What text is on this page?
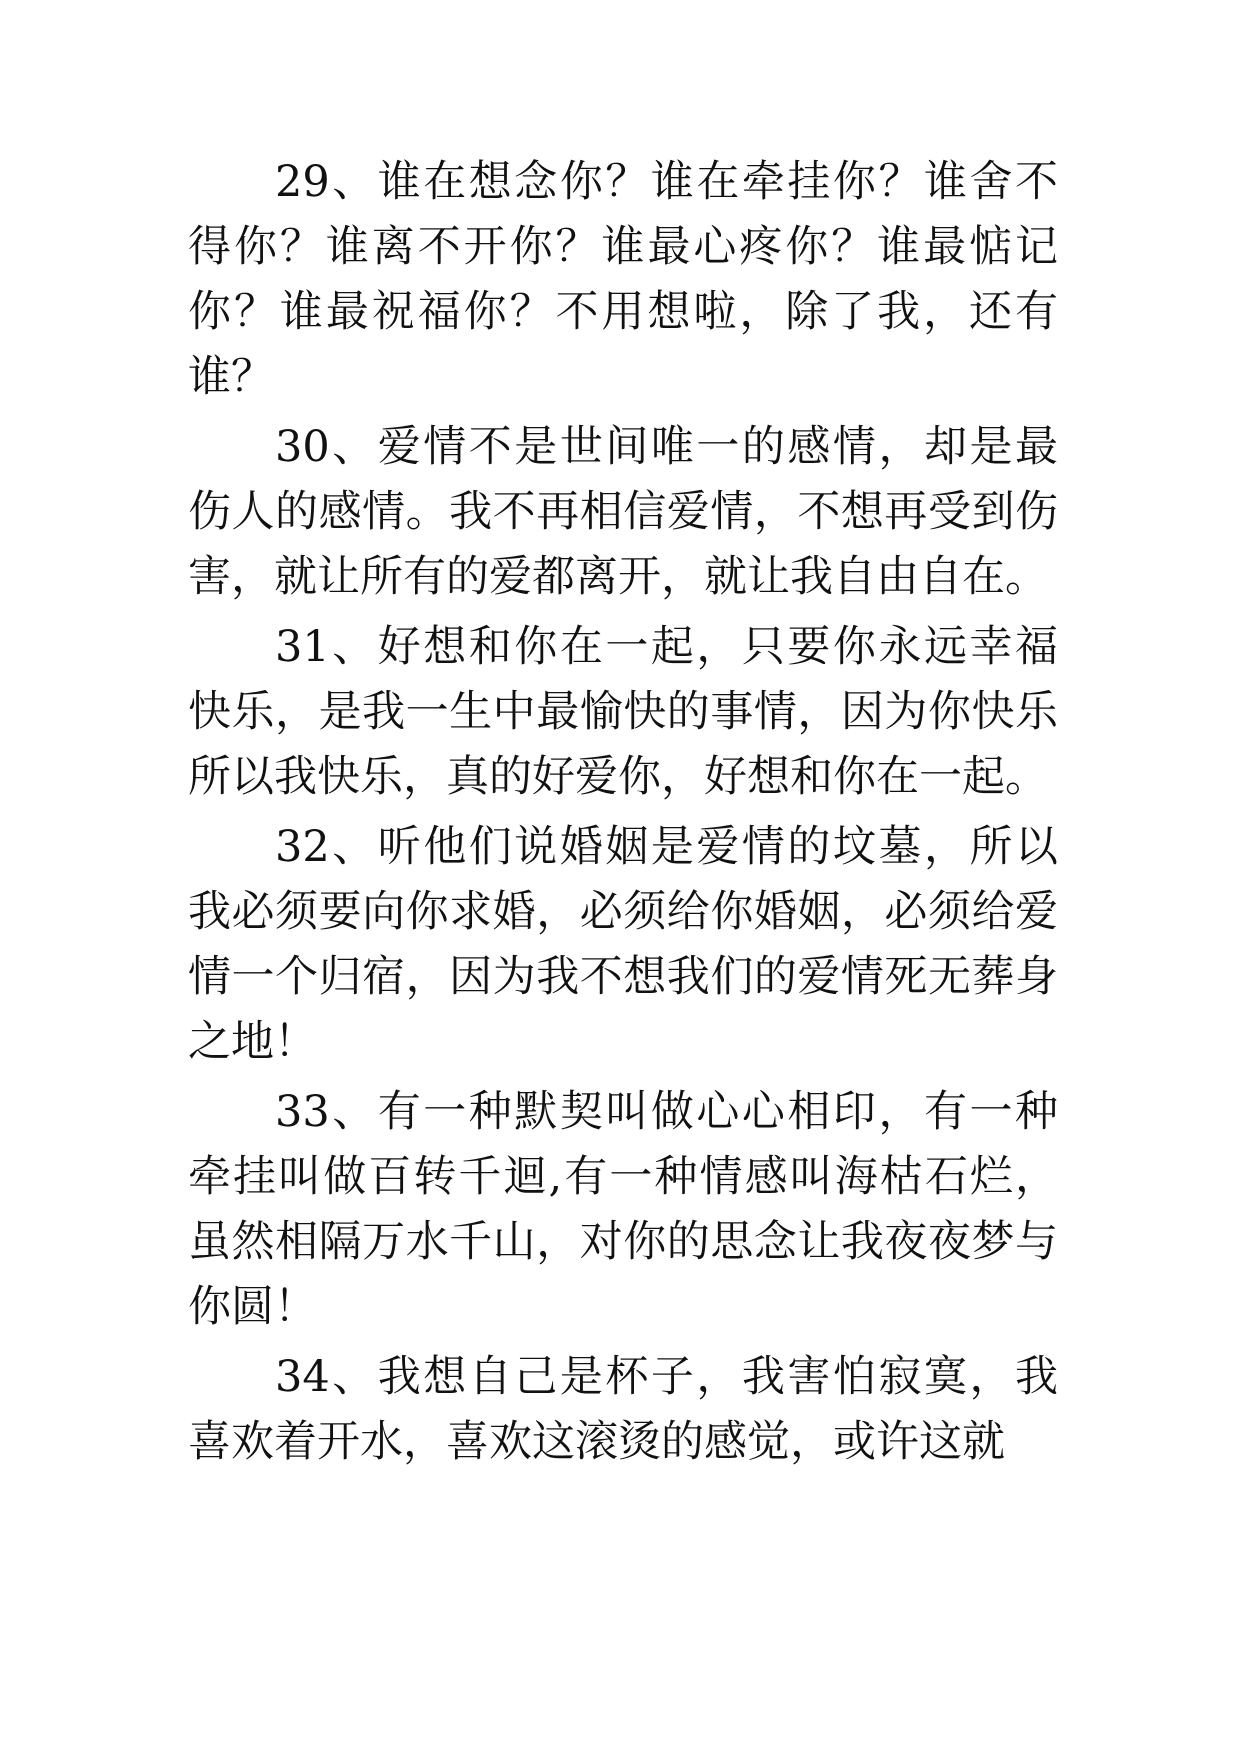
29、谁在想念你？谁在牵挂你？谁舍不得你？谁离不开你？谁最心疼你？谁最惦记你？谁最祝福你？不用想啦，除了我，还有谁？

30、爱情不是世间唯一的感情，却是最伤人的感情。我不再相信爱情，不想再受到伤害，就让所有的爱都离开，就让我自由自在。

31、好想和你在一起，只要你永远幸福快乐，是我一生中最愉快的事情，因为你快乐所以我快乐，真的好爱你，好想和你在一起。

32、听他们说婚姻是爱情的坟墓，所以我必须要向你求婚，必须给你婚姻，必须给爱情一个归宿，因为我不想我们的爱情死无葬身之地！

33、有一种默契叫做心心相印，有一种牵挂叫做百转千迴,有一种情感叫海枯石烂，虽然相隔万水千山，对你的思念让我夜夜梦与你圆！

34、我想自己是杯子，我害怕寂寞，我喜欢着开水，喜欢这滚烫的感觉，或许这就
